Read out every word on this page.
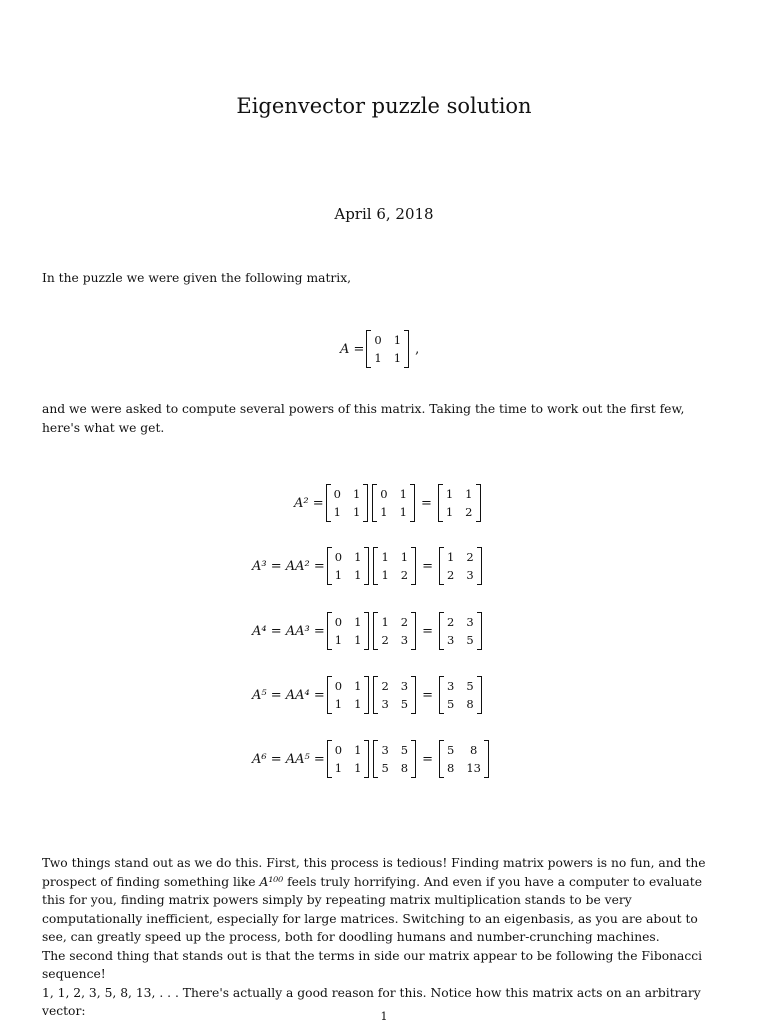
Eigenvector puzzle solution
April 6, 2018
In the puzzle we were given the following matrix,
A =
0 1
1 1
,
and we were asked to compute several powers of this matrix. Taking the time to work out the first few, here's what we get.
A² =
0 1
1 1
0 1
1 1
=
1 1
1 2
A³ = AA² =
0 1
1 1
1 1
1 2
=
1 2
2 3
A⁴ = AA³ =
0 1
1 1
1 2
2 3
=
2 3
3 5
A⁵ = AA⁴ =
0 1
1 1
2 3
3 5
=
3 5
5 8
A⁶ = AA⁵ =
0 1
1 1
3 5
5 8
=
5	8
8 13
Two things stand out as we do this. First, this process is tedious! Finding matrix powers is no fun, and the prospect of finding something like A¹⁰⁰ feels truly horrifying. And even if you have a computer to evaluate this for you, finding matrix powers simply by repeating matrix multiplication stands to be very computationally inefficient, especially for large matrices. Switching to an eigenbasis, as you are about to see, can greatly speed up the process, both for doodling humans and number-crunching machines.
The second thing that stands out is that the terms in side our matrix appear to be following the Fibonacci sequence!
1, 1, 2, 3, 5, 8, 13, . . . There's actually a good reason for this. Notice how this matrix acts on an arbitrary vector:	1
